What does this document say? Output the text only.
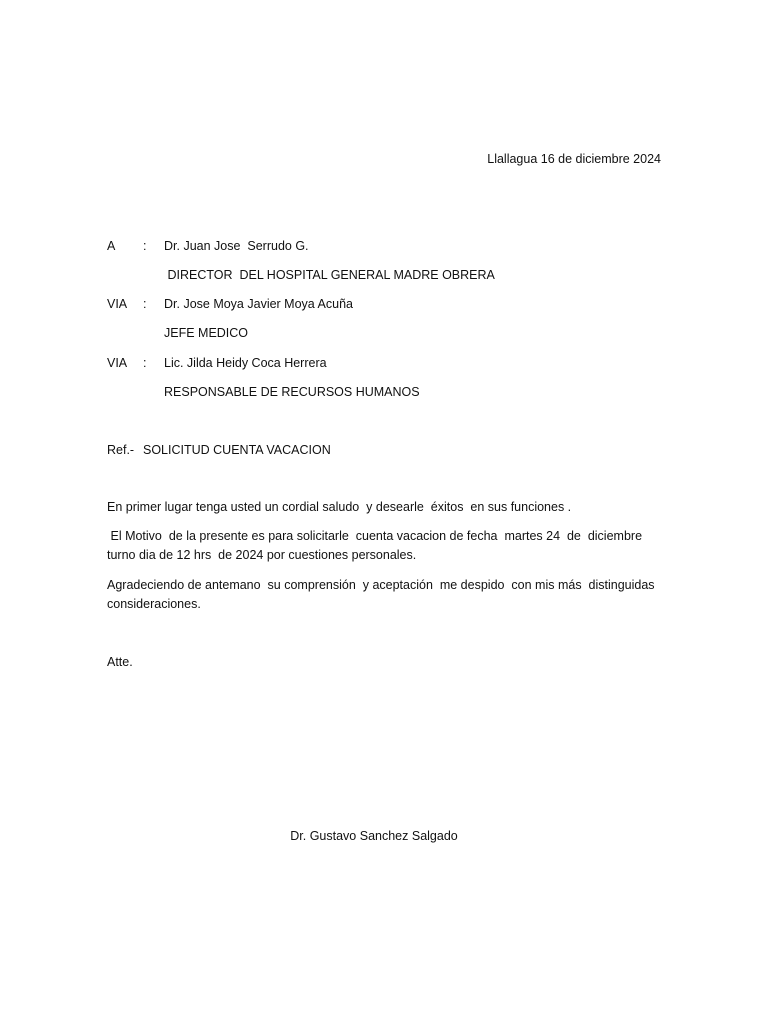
Llallagua 16 de diciembre 2024
A : Dr. Juan Jose  Serrudo G.
DIRECTOR  DEL HOSPITAL GENERAL MADRE OBRERA
VIA : Dr. Jose Moya Javier Moya Acuña
JEFE MEDICO
VIA : Lic. Jilda Heidy Coca Herrera
RESPONSABLE DE RECURSOS HUMANOS
Ref.- SOLICITUD CUENTA VACACION
En primer lugar tenga usted un cordial saludo  y desearle  éxitos  en sus funciones .
El Motivo  de la presente es para solicitarle  cuenta vacacion de fecha  martes 24  de  diciembre turno dia de 12 hrs  de 2024 por cuestiones personales.
Agradeciendo de antemano  su comprensión  y aceptación  me despido  con mis más  distinguidas consideraciones.
Atte.
Dr. Gustavo Sanchez Salgado
